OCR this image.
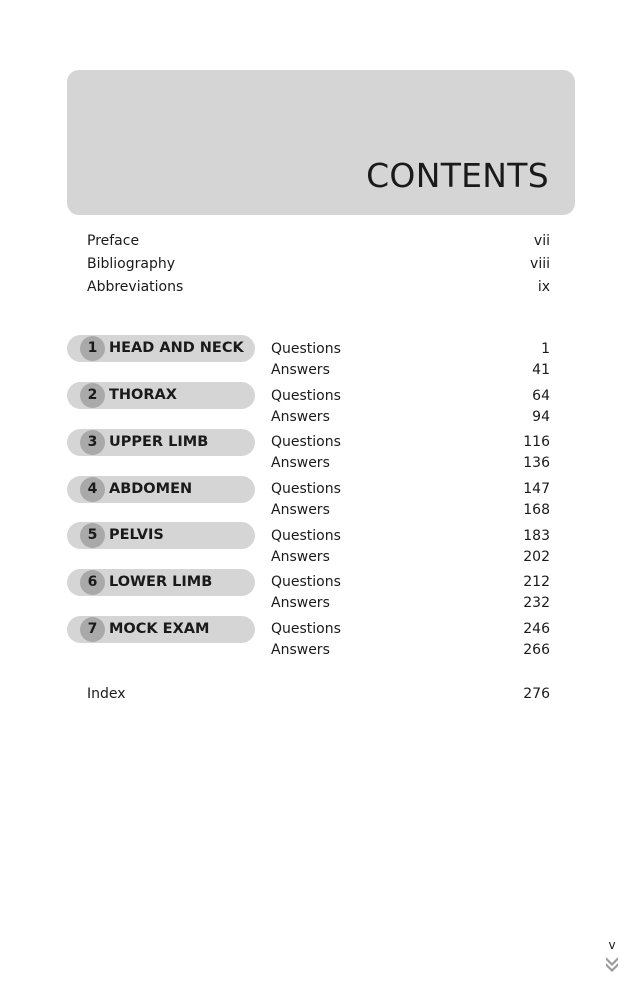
CONTENTS
Preface	vii
Bibliography	viii
Abbreviations	ix
1 HEAD AND NECK Questions	1
Answers	41
2 THORAX	Questions	64
Answers	94
3 UPPER LIMB	Questions	116
Answers	136
4 ABDOMEN	Questions	147
Answers	168
5 PELVIS	Questions	183
Answers	202
6 LOWER LIMB	Questions	212
Answers	232
7 MOCK EXAM	Questions	246
Answers	266
Index	276
v
